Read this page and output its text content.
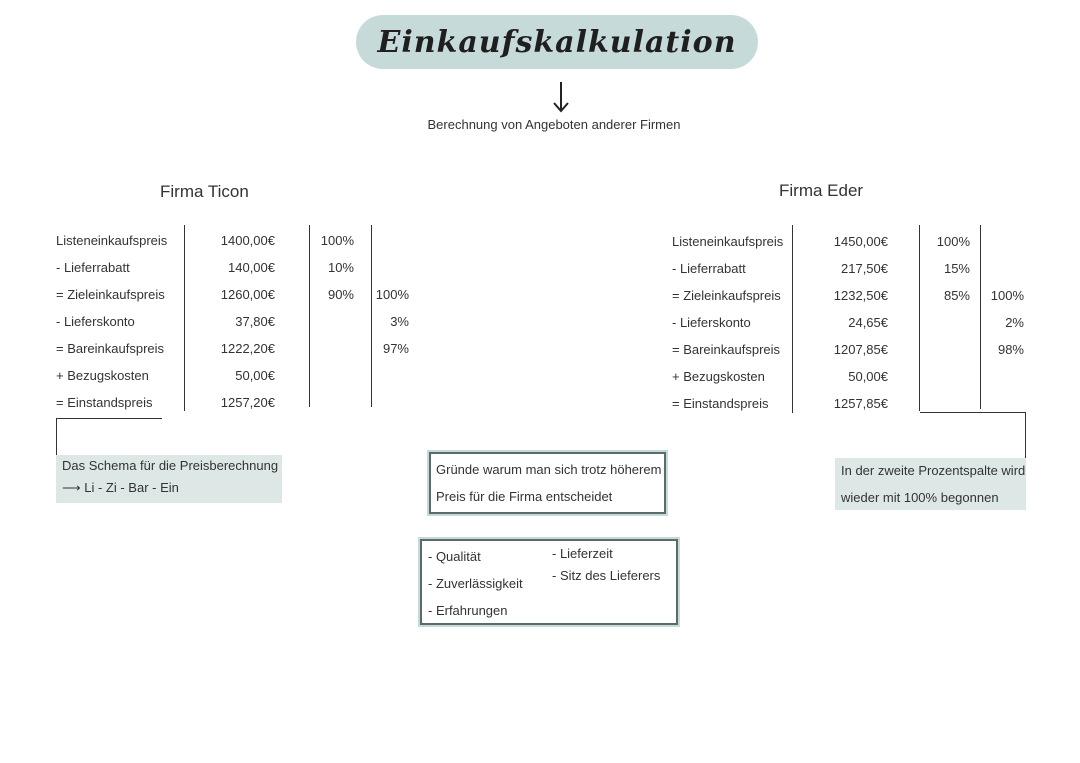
Einkaufskalkulation
Berechnung von Angeboten anderer Firmen
Firma Ticon
Listeneinkaufspreis
- Lieferrabatt
= Zieleinkaufspreis
- Lieferskonto
= Bareinkaufspreis
+ Bezugskosten
= Einstandspreis
1400,00€
140,00€
1260,00€
37,80€
1222,20€
50,00€
1257,20€
100%
10%
90% 100%
3%
97%
Das Schema für die Preisberechnung
⟶ Li - Zi - Bar - Ein
Firma Eder
Listeneinkaufspreis
- Lieferrabatt
= Zieleinkaufspreis
- Lieferskonto
= Bareinkaufspreis
+ Bezugskosten
= Einstandspreis
1450,00€
217,50€
1232,50€
24,65€
1207,85€
50,00€
1257,85€
100%
15%
85%	100%
2%
98%
In der zweite Prozentspalte wird
wieder mit 100% begonnen
Gründe warum man sich trotz höherem
Preis für die Firma entscheidet
- Qualität
- Zuverlässigkeit
- Erfahrungen
- Lieferzeit
- Sitz des Lieferers
